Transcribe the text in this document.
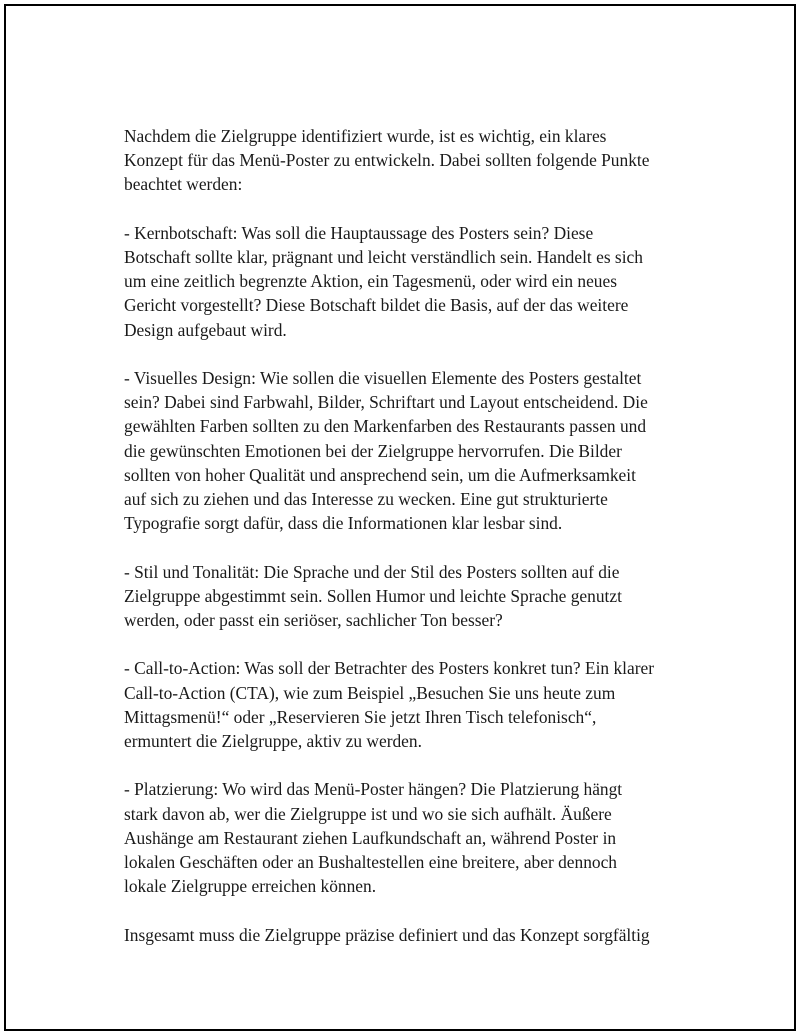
Nachdem die Zielgruppe identifiziert wurde, ist es wichtig, ein klares
Konzept für das Menü-Poster zu entwickeln. Dabei sollten folgende Punkte
beachtet werden:

- Kernbotschaft: Was soll die Hauptaussage des Posters sein? Diese
Botschaft sollte klar, prägnant und leicht verständlich sein. Handelt es sich
um eine zeitlich begrenzte Aktion, ein Tagesmenü, oder wird ein neues
Gericht vorgestellt? Diese Botschaft bildet die Basis, auf der das weitere
Design aufgebaut wird.

- Visuelles Design: Wie sollen die visuellen Elemente des Posters gestaltet
sein? Dabei sind Farbwahl, Bilder, Schriftart und Layout entscheidend. Die
gewählten Farben sollten zu den Markenfarben des Restaurants passen und
die gewünschten Emotionen bei der Zielgruppe hervorrufen. Die Bilder
sollten von hoher Qualität und ansprechend sein, um die Aufmerksamkeit
auf sich zu ziehen und das Interesse zu wecken. Eine gut strukturierte
Typografie sorgt dafür, dass die Informationen klar lesbar sind.

- Stil und Tonalität: Die Sprache und der Stil des Posters sollten auf die
Zielgruppe abgestimmt sein. Sollen Humor und leichte Sprache genutzt
werden, oder passt ein seriöser, sachlicher Ton besser?

- Call-to-Action: Was soll der Betrachter des Posters konkret tun? Ein klarer
Call-to-Action (CTA), wie zum Beispiel „Besuchen Sie uns heute zum
Mittagsmenü!“ oder „Reservieren Sie jetzt Ihren Tisch telefonisch“,
ermuntert die Zielgruppe, aktiv zu werden.

- Platzierung: Wo wird das Menü-Poster hängen? Die Platzierung hängt
stark davon ab, wer die Zielgruppe ist und wo sie sich aufhält. Äußere
Aushänge am Restaurant ziehen Laufkundschaft an, während Poster in
lokalen Geschäften oder an Bushaltestellen eine breitere, aber dennoch
lokale Zielgruppe erreichen können.

Insgesamt muss die Zielgruppe präzise definiert und das Konzept sorgfältig
